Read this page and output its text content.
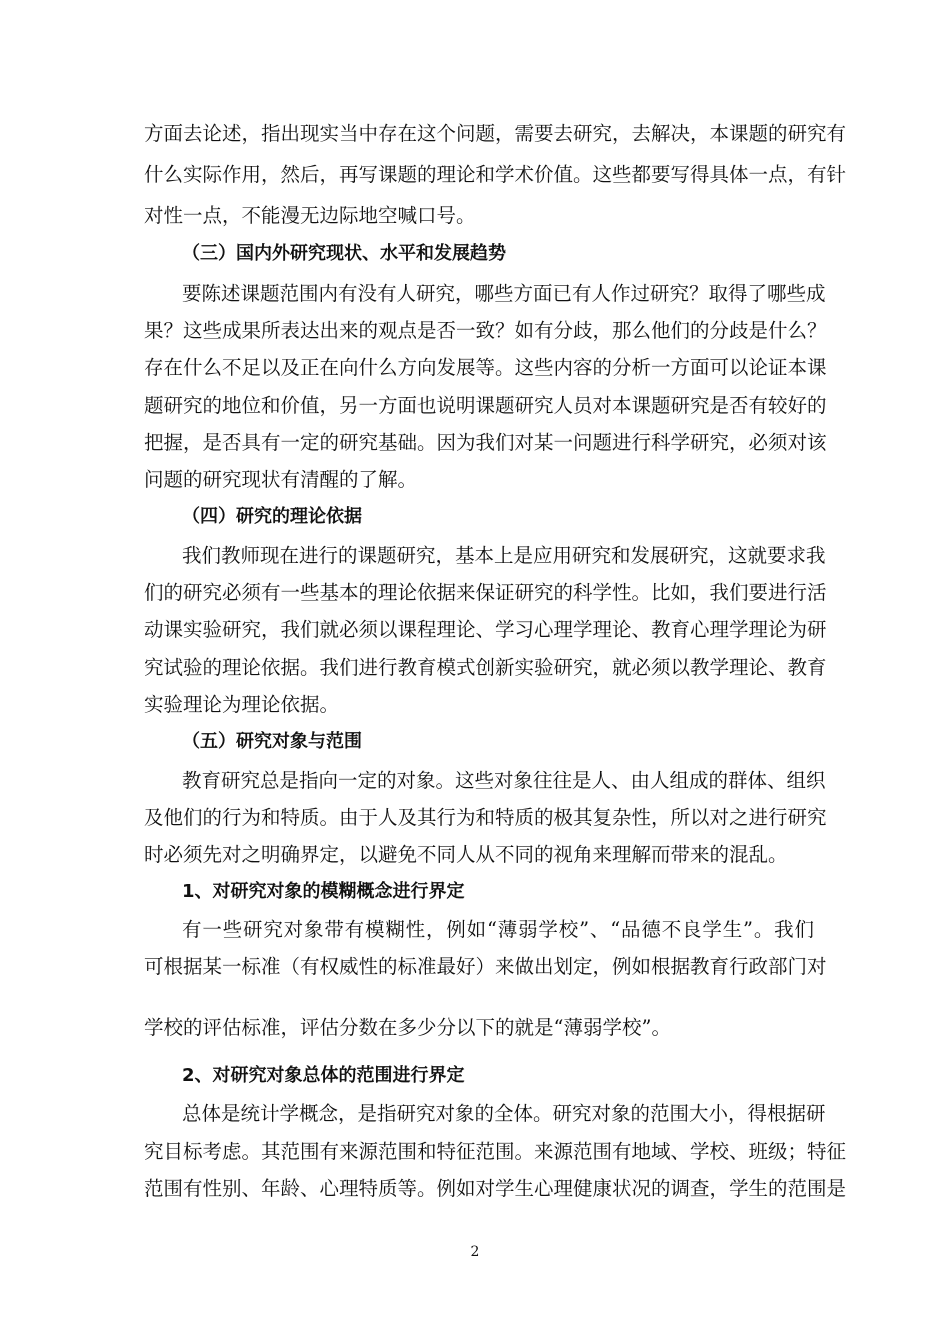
方面去论述，指出现实当中存在这个问题，需要去研究，去解决，本课题的研究有
什么实际作用，然后，再写课题的理论和学术价值。这些都要写得具体一点，有针
对性一点，不能漫无边际地空喊口号。
（三）国内外研究现状、水平和发展趋势
要陈述课题范围内有没有人研究，哪些方面已有人作过研究？取得了哪些成
果？这些成果所表达出来的观点是否一致？如有分歧，那么他们的分歧是什么？
存在什么不足以及正在向什么方向发展等。这些内容的分析一方面可以论证本课
题研究的地位和价值，另一方面也说明课题研究人员对本课题研究是否有较好的
把握，是否具有一定的研究基础。因为我们对某一问题进行科学研究，必须对该
问题的研究现状有清醒的了解。
（四）研究的理论依据
我们教师现在进行的课题研究，基本上是应用研究和发展研究，这就要求我
们的研究必须有一些基本的理论依据来保证研究的科学性。比如，我们要进行活
动课实验研究，我们就必须以课程理论、学习心理学理论、教育心理学理论为研
究试验的理论依据。我们进行教育模式创新实验研究，就必须以教学理论、教育
实验理论为理论依据。
（五）研究对象与范围
教育研究总是指向一定的对象。这些对象往往是人、由人组成的群体、组织
及他们的行为和特质。由于人及其行为和特质的极其复杂性，所以对之进行研究
时必须先对之明确界定，以避免不同人从不同的视角来理解而带来的混乱。
1、对研究对象的模糊概念进行界定
有一些研究对象带有模糊性，例如“薄弱学校”、“品德不良学生”。我们
可根据某一标准（有权威性的标准最好）来做出划定，例如根据教育行政部门对
学校的评估标准，评估分数在多少分以下的就是“薄弱学校”。
2、对研究对象总体的范围进行界定
总体是统计学概念，是指研究对象的全体。研究对象的范围大小，得根据研
究目标考虑。其范围有来源范围和特征范围。来源范围有地域、学校、班级；特征
范围有性别、年龄、心理特质等。例如对学生心理健康状况的调查，学生的范围是
2
